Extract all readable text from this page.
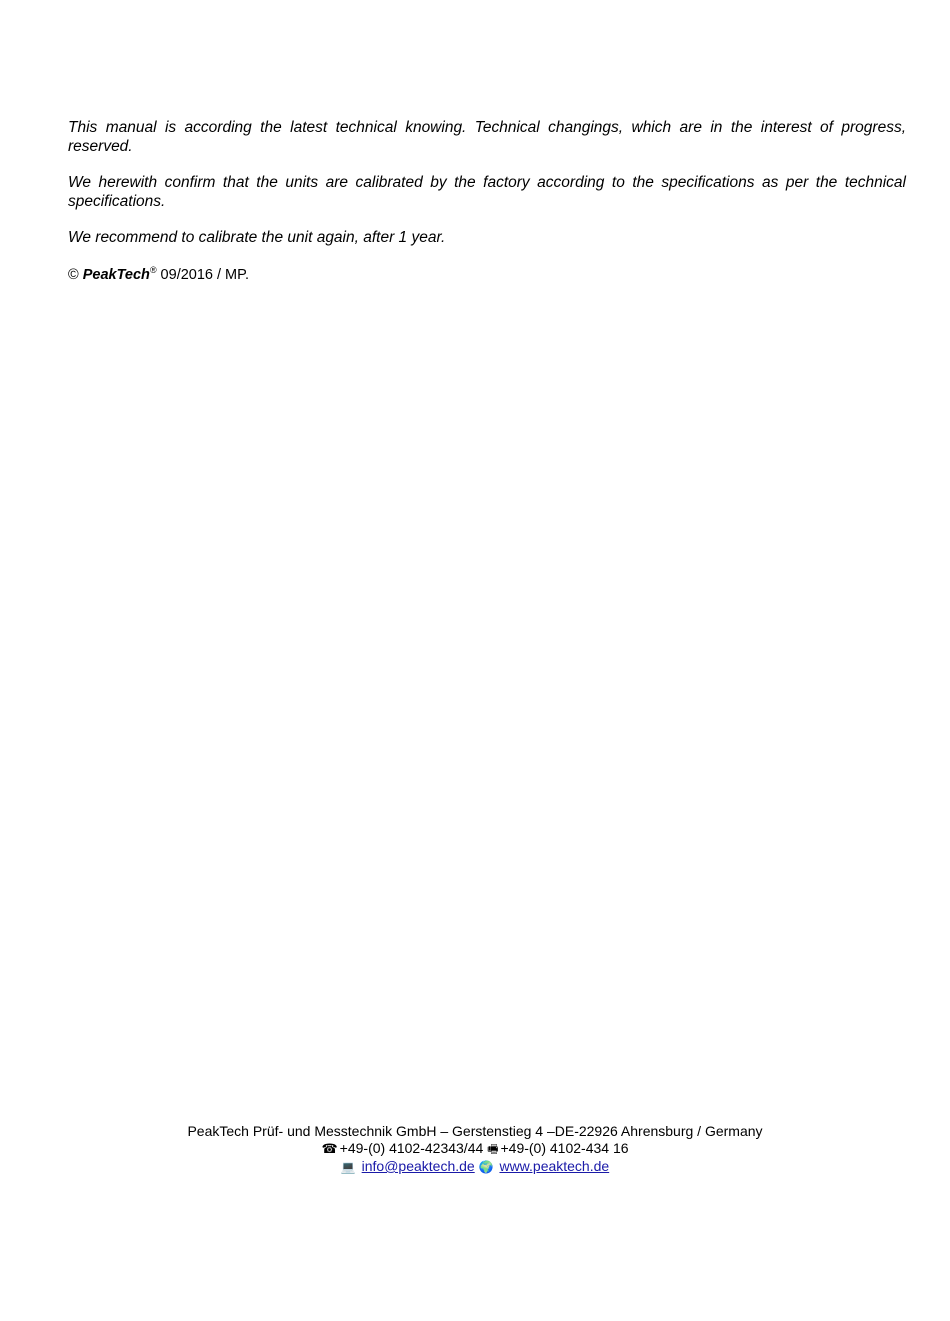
This manual is according the latest technical knowing. Technical changings, which are in the interest of progress, reserved.

We herewith confirm that the units are calibrated by the factory according to the specifications as per the technical specifications.

We recommend to calibrate the unit again, after 1 year.

© PeakTech® 09/2016 / MP.
PeakTech Prüf- und Messtechnik GmbH – Gerstenstieg 4 –DE-22926 Ahrensburg / Germany
☎ +49-(0) 4102-42343/44 🖷 +49-(0) 4102-434 16
💻 info@peaktech.de 🌍 www.peaktech.de
